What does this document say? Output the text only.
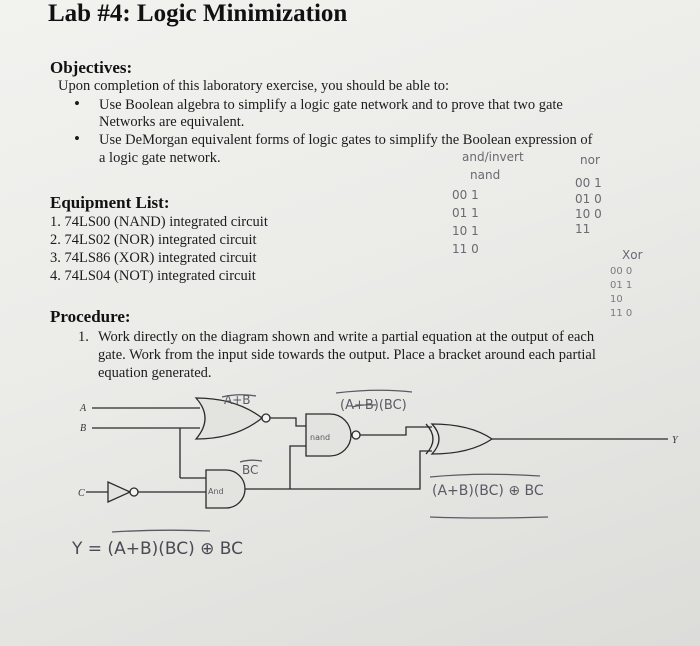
Lab #4: Logic Minimization
Objectives:
Upon completion of this laboratory exercise, you should be able to:
• Use Boolean algebra to simplify a logic gate network and to prove that two gate
Networks are equivalent.
• Use DeMorgan equivalent forms of logic gates to simplify the Boolean expression of
a logic gate network.
Equipment List:
1. 74LS00 (NAND) integrated circuit
2. 74LS02 (NOR) integrated circuit
3. 74LS86 (XOR) integrated circuit
4. 74LS04 (NOT) integrated circuit
and/invert
nand
nor
00 1
01 1
10 1
11 0
00 1
01 0
10 0
11
Xor
00 0
01 1
10
11 0
Procedure:
1. Work directly on the diagram shown and write a partial equation at the output of each
gate. Work from the input side towards the output. Place a bracket around each partial
equation generated.
A
B
C
Y
A+B	(A+B)(BC)
BC
And
nand
(A+B)(BC) ⊕ BC
Y = (A+B)(BC) ⊕ BC
